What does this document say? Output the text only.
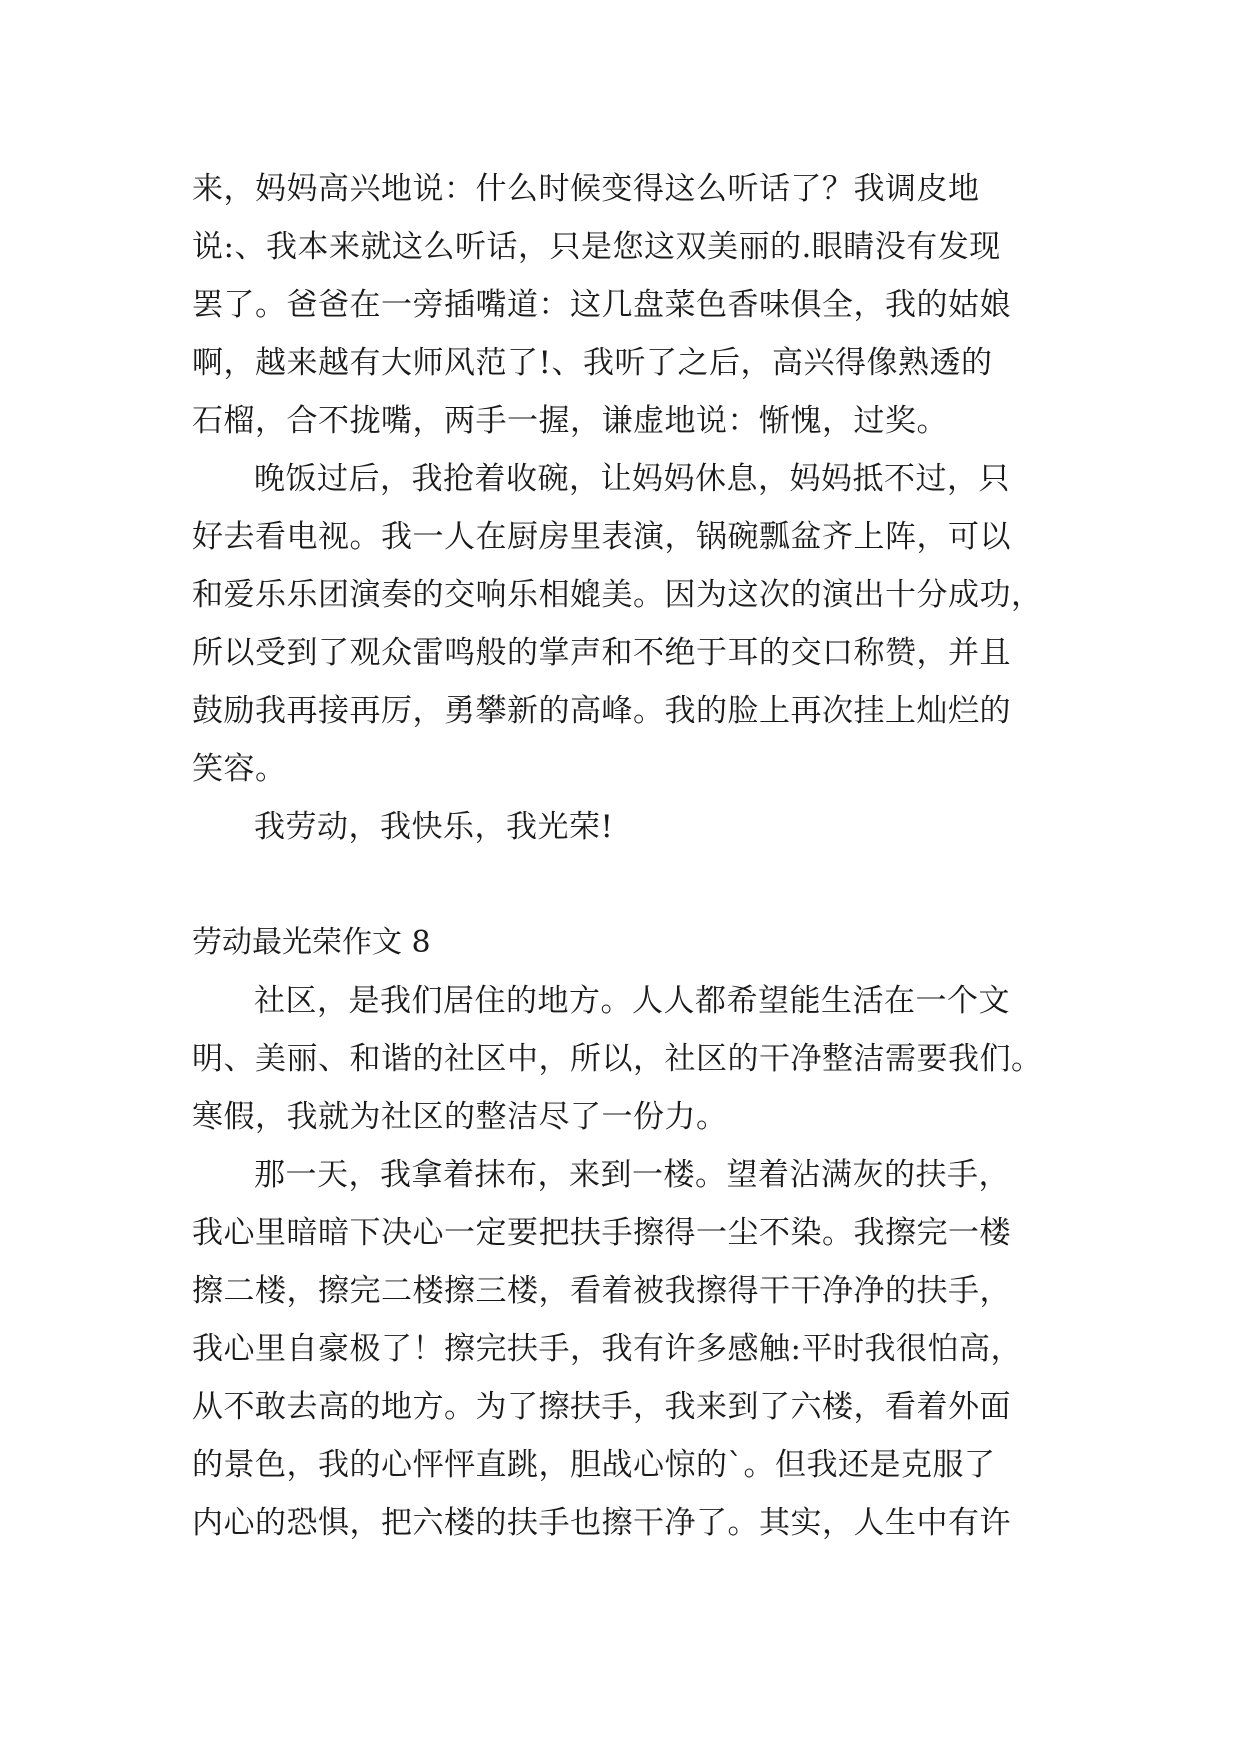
来，妈妈高兴地说：什么时候变得这么听话了？我调皮地
说:、我本来就这么听话，只是您这双美丽的.眼睛没有发现
罢了。爸爸在一旁插嘴道：这几盘菜色香味俱全，我的姑娘
啊，越来越有大师风范了!、我听了之后，高兴得像熟透的
石榴，合不拢嘴，两手一握，谦虚地说：惭愧，过奖。
晚饭过后，我抢着收碗，让妈妈休息，妈妈抵不过，只
好去看电视。我一人在厨房里表演，锅碗瓢盆齐上阵，可以
和爱乐乐团演奏的交响乐相媲美。因为这次的演出十分成功，
所以受到了观众雷鸣般的掌声和不绝于耳的交口称赞，并且
鼓励我再接再厉，勇攀新的高峰。我的脸上再次挂上灿烂的
笑容。
我劳动，我快乐，我光荣!
劳动最光荣作文 8
社区，是我们居住的地方。人人都希望能生活在一个文
明、美丽、和谐的社区中，所以，社区的干净整洁需要我们。
寒假，我就为社区的整洁尽了一份力。
那一天，我拿着抹布，来到一楼。望着沾满灰的扶手，
我心里暗暗下决心一定要把扶手擦得一尘不染。我擦完一楼
擦二楼，擦完二楼擦三楼，看着被我擦得干干净净的扶手，
我心里自豪极了！擦完扶手，我有许多感触:平时我很怕高，
从不敢去高的地方。为了擦扶手，我来到了六楼，看着外面
的景色，我的心怦怦直跳，胆战心惊的`。但我还是克服了
内心的恐惧，把六楼的扶手也擦干净了。其实，人生中有许
